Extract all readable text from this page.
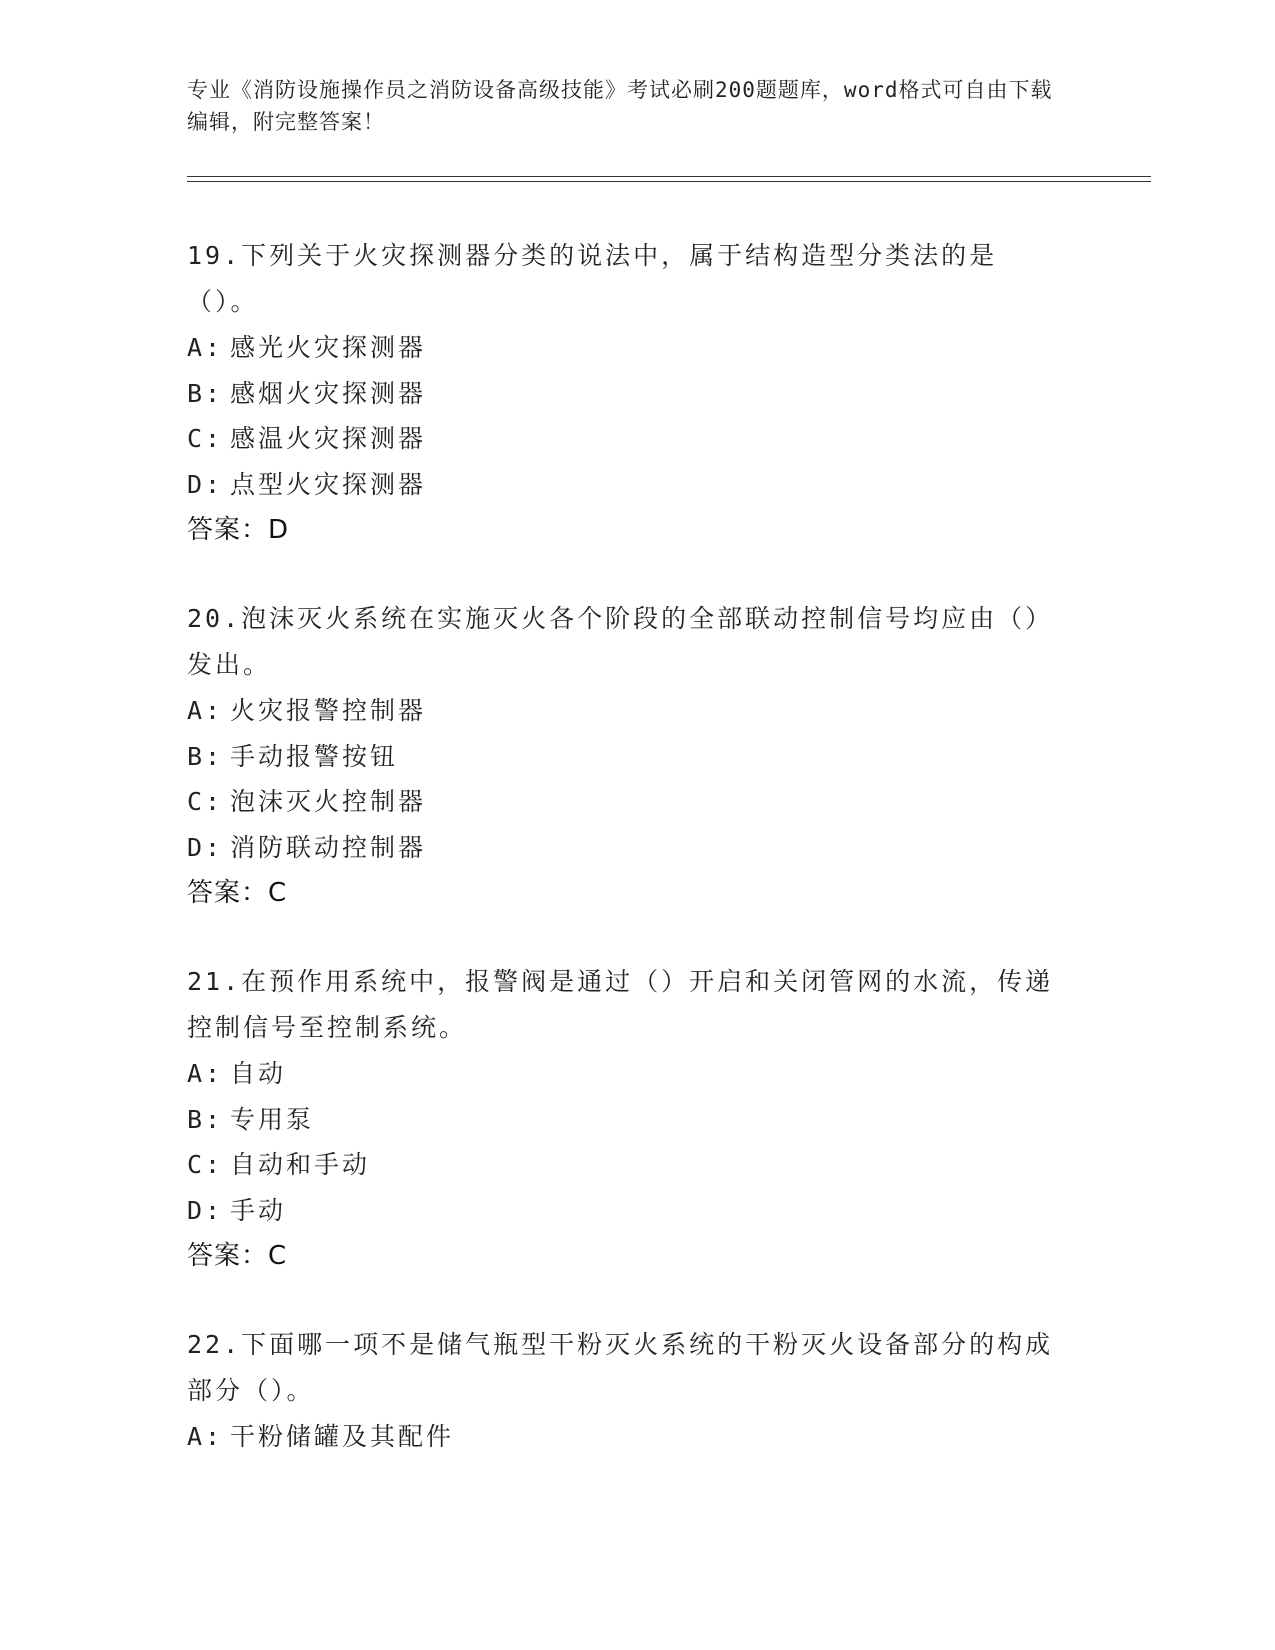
专业《消防设施操作员之消防设备高级技能》考试必刷200题题库，word格式可自由下载编辑，附完整答案！

19.下列关于火灾探测器分类的说法中，属于结构造型分类法的是（）。

A: 感光火灾探测器
B: 感烟火灾探测器
C: 感温火灾探测器
D: 点型火灾探测器
答案：D

20.泡沫灭火系统在实施灭火各个阶段的全部联动控制信号均应由（）发出。

A: 火灾报警控制器
B: 手动报警按钮
C: 泡沫灭火控制器
D: 消防联动控制器
答案：C

21.在预作用系统中，报警阀是通过（）开启和关闭管网的水流，传递控制信号至控制系统。

A: 自动
B: 专用泵
C: 自动和手动
D: 手动
答案：C

22.下面哪一项不是储气瓶型干粉灭火系统的干粉灭火设备部分的构成部分（）。

A: 干粉储罐及其配件
